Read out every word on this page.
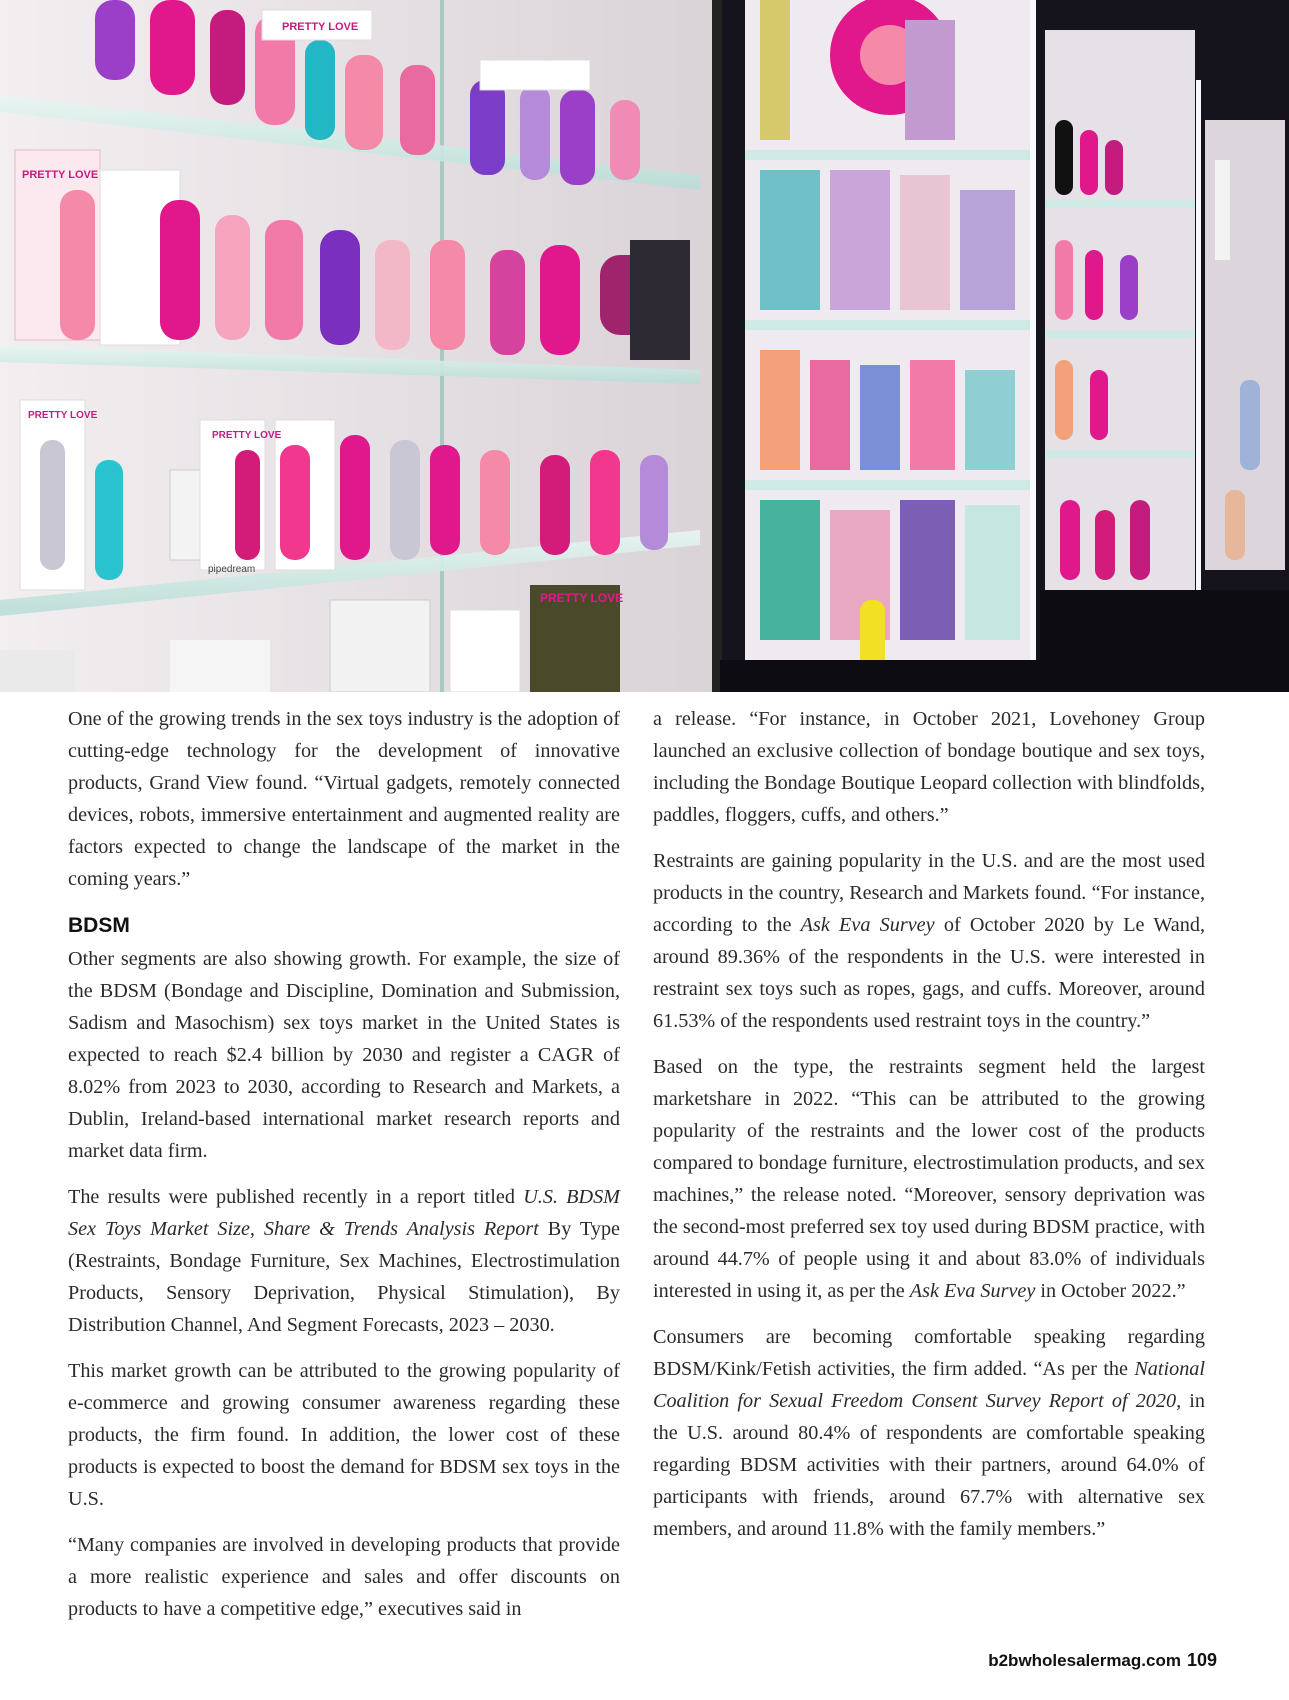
PRETTY LOVE
PRETTY LOVE
pipedream
PRETTY LOVE
PRETTY LOVE
PRETTY LOVE

One of the growing trends in the sex toys industry is the adoption of cutting-edge technology for the development of innovative products, Grand View found. “Virtual gadgets, remotely connected devices, robots, immersive entertainment and augmented reality are factors expected to change the landscape of the market in the coming years.”

BDSM

Other segments are also showing growth. For example, the size of the BDSM (Bondage and Discipline, Domination and Submission, Sadism and Masochism) sex toys market in the United States is expected to reach $2.4 billion by 2030 and register a CAGR of 8.02% from 2023 to 2030, according to Research and Markets, a Dublin, Ireland-based international market research reports and market data firm.

The results were published recently in a report titled U.S. BDSM Sex Toys Market Size, Share & Trends Analysis Report By Type (Restraints, Bondage Furniture, Sex Machines, Electrostimulation Products, Sensory Deprivation, Physical Stimulation), By Distribution Channel, And Segment Forecasts, 2023 – 2030.

This market growth can be attributed to the growing popularity of e-commerce and growing consumer awareness regarding these products, the firm found. In addition, the lower cost of these products is expected to boost the demand for BDSM sex toys in the U.S.

“Many companies are involved in developing products that provide a more realistic experience and sales and offer discounts on products to have a competitive edge,” executives said in

a release. “For instance, in October 2021, Lovehoney Group launched an exclusive collection of bondage boutique and sex toys, including the Bondage Boutique Leopard collection with blindfolds, paddles, floggers, cuffs, and others.”

Restraints are gaining popularity in the U.S. and are the most used products in the country, Research and Markets found. “For instance, according to the Ask Eva Survey of October 2020 by Le Wand, around 89.36% of the respondents in the U.S. were interested in restraint sex toys such as ropes, gags, and cuffs. Moreover, around 61.53% of the respondents used restraint toys in the country.”

Based on the type, the restraints segment held the largest marketshare in 2022. “This can be attributed to the growing popularity of the restraints and the lower cost of the products compared to bondage furniture, electrostimulation products, and sex machines,” the release noted. “Moreover, sensory deprivation was the second-most preferred sex toy used during BDSM practice, with around 44.7% of people using it and about 83.0% of individuals interested in using it, as per the Ask Eva Survey in October 2022.”

Consumers are becoming comfortable speaking regarding BDSM/Kink/Fetish activities, the firm added. “As per the National Coalition for Sexual Freedom Consent Survey Report of 2020, in the U.S. around 80.4% of respondents are comfortable speaking regarding BDSM activities with their partners, around 64.0% of participants with friends, around 67.7% with alternative sex members, and around 11.8% with the family members.”

b2bwholesalermag.com 109
